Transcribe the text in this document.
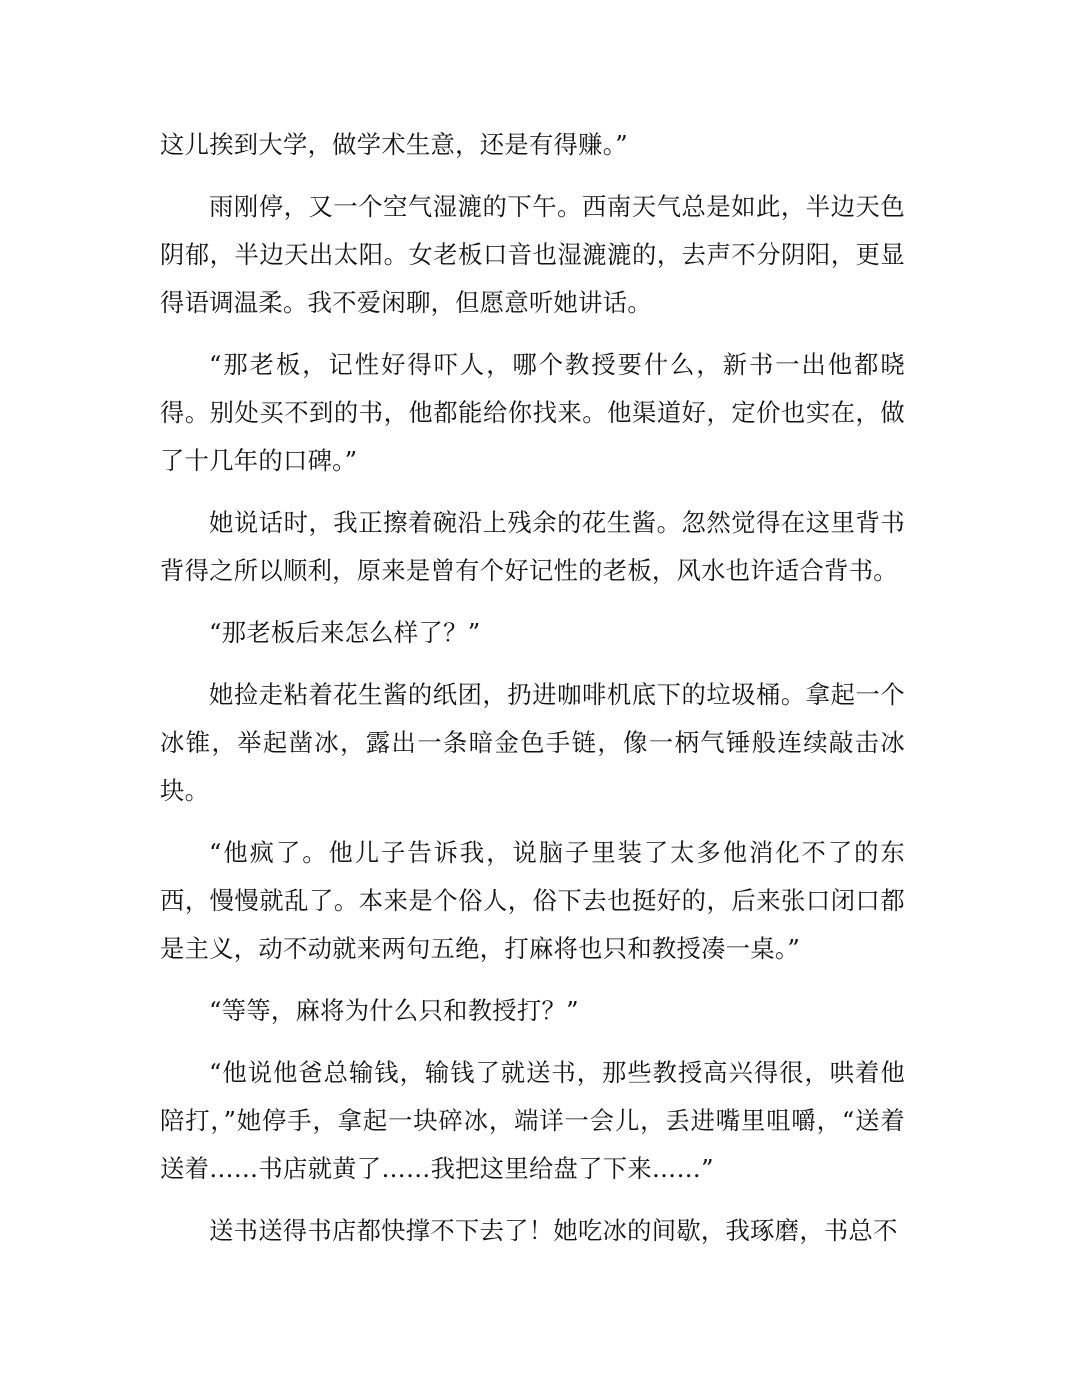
这儿挨到大学，做学术生意，还是有得赚。”

雨刚停，又一个空气湿漉的下午。西南天气总是如此，半边天色阴郁，半边天出太阳。女老板口音也湿漉漉的，去声不分阴阳，更显得语调温柔。我不爱闲聊，但愿意听她讲话。

“那老板，记性好得吓人，哪个教授要什么，新书一出他都晓得。别处买不到的书，他都能给你找来。他渠道好，定价也实在，做了十几年的口碑。”

她说话时，我正擦着碗沿上残余的花生酱。忽然觉得在这里背书背得之所以顺利，原来是曾有个好记性的老板，风水也许适合背书。

“那老板后来怎么样了？”

她捡走粘着花生酱的纸团，扔进咖啡机底下的垃圾桶。拿起一个冰锥，举起凿冰，露出一条暗金色手链，像一柄气锤般连续敲击冰块。

“他疯了。他儿子告诉我，说脑子里装了太多他消化不了的东西，慢慢就乱了。本来是个俗人，俗下去也挺好的，后来张口闭口都是主义，动不动就来两句五绝，打麻将也只和教授凑一桌。”

“等等，麻将为什么只和教授打？”

“他说他爸总输钱，输钱了就送书，那些教授高兴得很，哄着他陪打，”她停手，拿起一块碎冰，端详一会儿，丢进嘴里咀嚼，“送着送着……书店就黄了……我把这里给盘了下来……”

送书送得书店都快撑不下去了！她吃冰的间歇，我琢磨，书总不
